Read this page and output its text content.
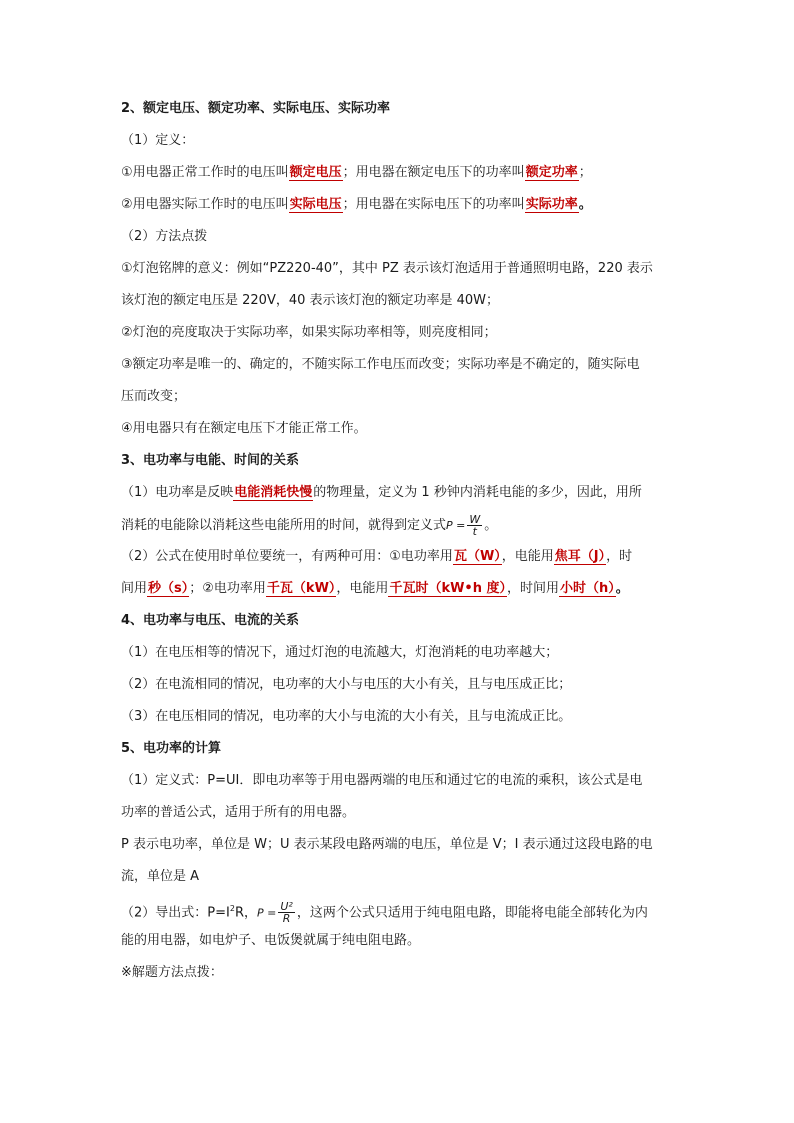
2、额定电压、额定功率、实际电压、实际功率
（1）定义：
①用电器正常工作时的电压叫额定电压；用电器在额定电压下的功率叫额定功率；
②用电器实际工作时的电压叫实际电压；用电器在实际电压下的功率叫实际功率。
（2）方法点拨
①灯泡铭牌的意义：例如“PZ220-40”，其中 PZ 表示该灯泡适用于普通照明电路，220 表示
该灯泡的额定电压是 220V，40 表示该灯泡的额定功率是 40W；
②灯泡的亮度取决于实际功率，如果实际功率相等，则亮度相同；
③额定功率是唯一的、确定的，不随实际工作电压而改变；实际功率是不确定的，随实际电
压而改变；
④用电器只有在额定电压下才能正常工作。
3、电功率与电能、时间的关系
（1）电功率是反映电能消耗快慢的物理量，定义为 1 秒钟内消耗电能的多少，因此，用所
消耗的电能除以消耗这些电能所用的时间，就得到定义式$P = \frac{W}{t}$ 。
（2）公式在使用时单位要统一，有两种可用：①电功率用瓦（W），电能用焦耳（J），时
间用秒（s）；②电功率用千瓦（kW），电能用千瓦时（kW•h 度），时间用小时（h）。
4、电功率与电压、电流的关系
（1）在电压相等的情况下，通过灯泡的电流越大，灯泡消耗的电功率越大；
（2）在电流相同的情况，电功率的大小与电压的大小有关，且与电压成正比；
（3）在电压相同的情况，电功率的大小与电流的大小有关，且与电流成正比。
5、电功率的计算
（1）定义式：P=UI．即电功率等于用电器两端的电压和通过它的电流的乘积，该公式是电
功率的普适公式，适用于所有的用电器。
P 表示电功率，单位是 W；U 表示某段电路两端的电压，单位是 V；I 表示通过这段电路的电
流，单位是 A
（2）导出式：$P=I^2R$，$P = \frac{\text{U²}}{R}$ ，这两个公式只适用于纯电阻电路，即能将电能全部转化为内
能的用电器，如电炉子、电饭煲就属于纯电阻电路。
※解题方法点拨：
